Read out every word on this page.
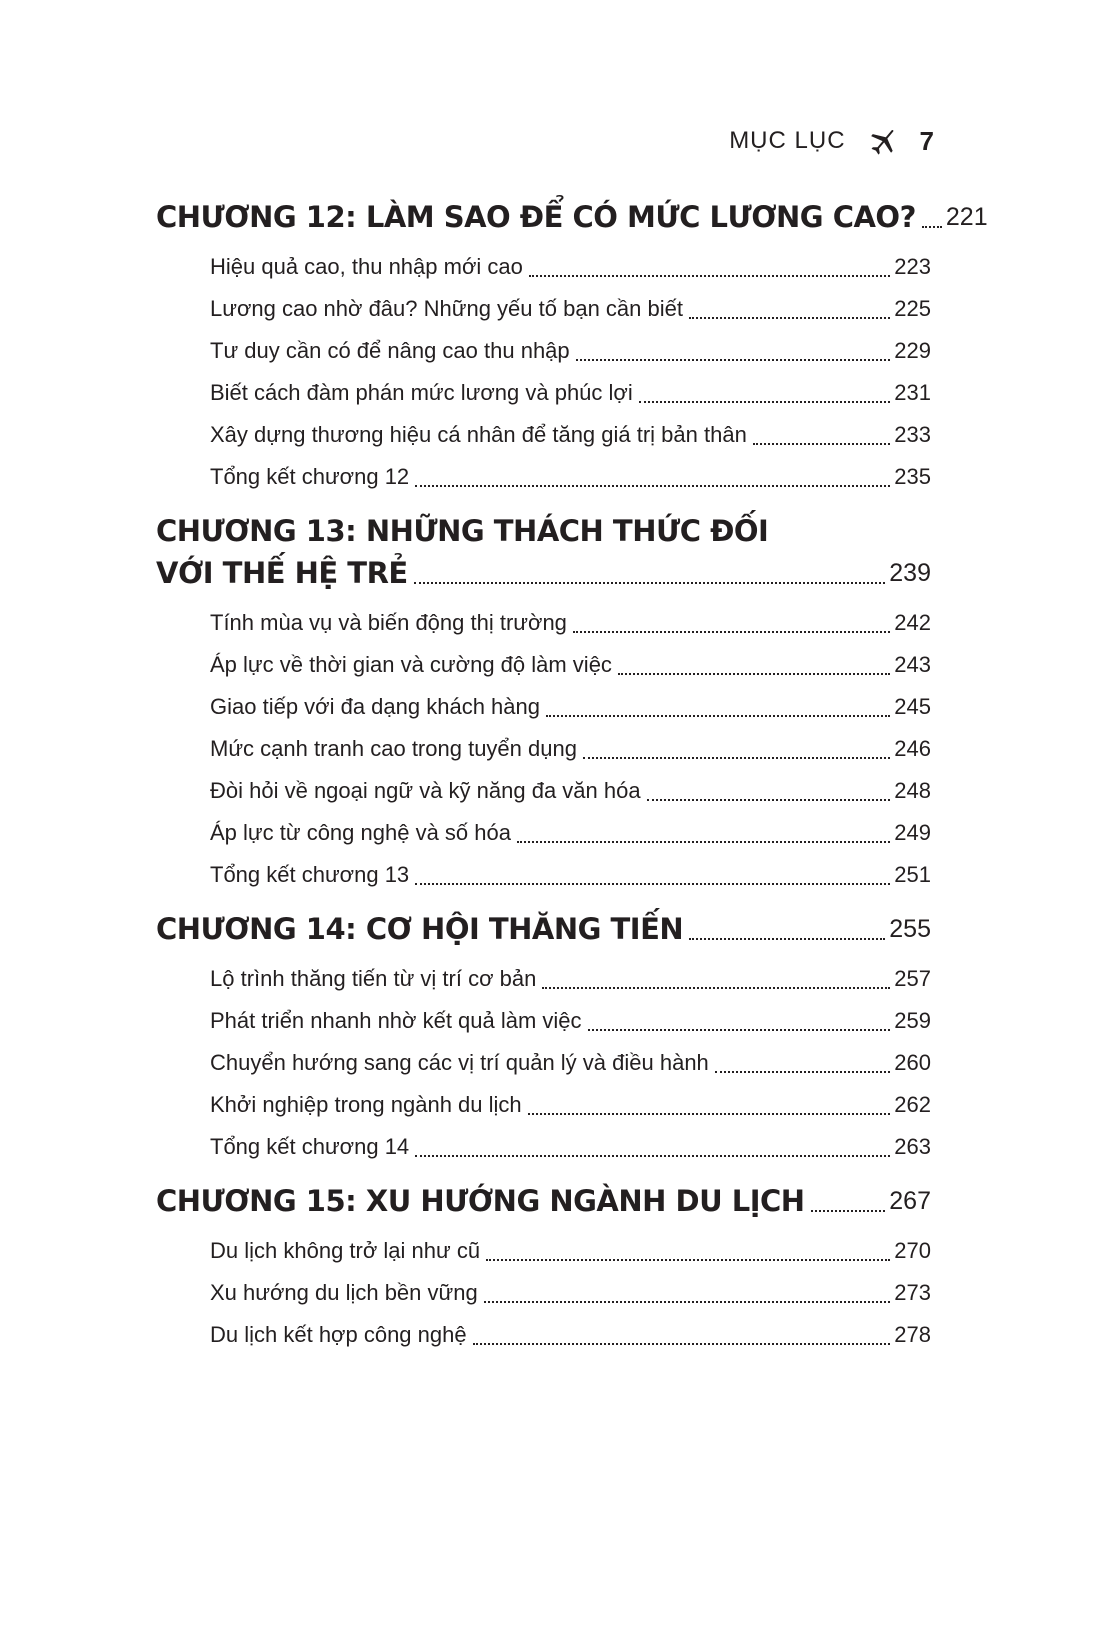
MỤC LỤC	7
CHƯƠNG 12: LÀM SAO ĐỂ CÓ MỨC LƯƠNG CAO? 221
Hiệu quả cao, thu nhập mới cao	223
Lương cao nhờ đâu? Những yếu tố bạn cần biết	225
Tư duy cần có để nâng cao thu nhập	229
Biết cách đàm phán mức lương và phúc lợi	231
Xây dựng thương hiệu cá nhân để tăng giá trị bản thân	233
Tổng kết chương 12	235
CHƯƠNG 13: NHỮNG THÁCH THỨC ĐỐI
VỚI THẾ HỆ TRẺ	239
Tính mùa vụ và biến động thị trường	242
Áp lực về thời gian và cường độ làm việc	243
Giao tiếp với đa dạng khách hàng	245
Mức cạnh tranh cao trong tuyển dụng	246
Đòi hỏi về ngoại ngữ và kỹ năng đa văn hóa	248
Áp lực từ công nghệ và số hóa	249
Tổng kết chương 13	251
CHƯƠNG 14: CƠ HỘI THĂNG TIẾN	255
Lộ trình thăng tiến từ vị trí cơ bản	257
Phát triển nhanh nhờ kết quả làm việc	259
Chuyển hướng sang các vị trí quản lý và điều hành	260
Khởi nghiệp trong ngành du lịch	262
Tổng kết chương 14	263
CHƯƠNG 15: XU HƯỚNG NGÀNH DU LỊCH	267
Du lịch không trở lại như cũ	270
Xu hướng du lịch bền vững	273
Du lịch kết hợp công nghệ	278
